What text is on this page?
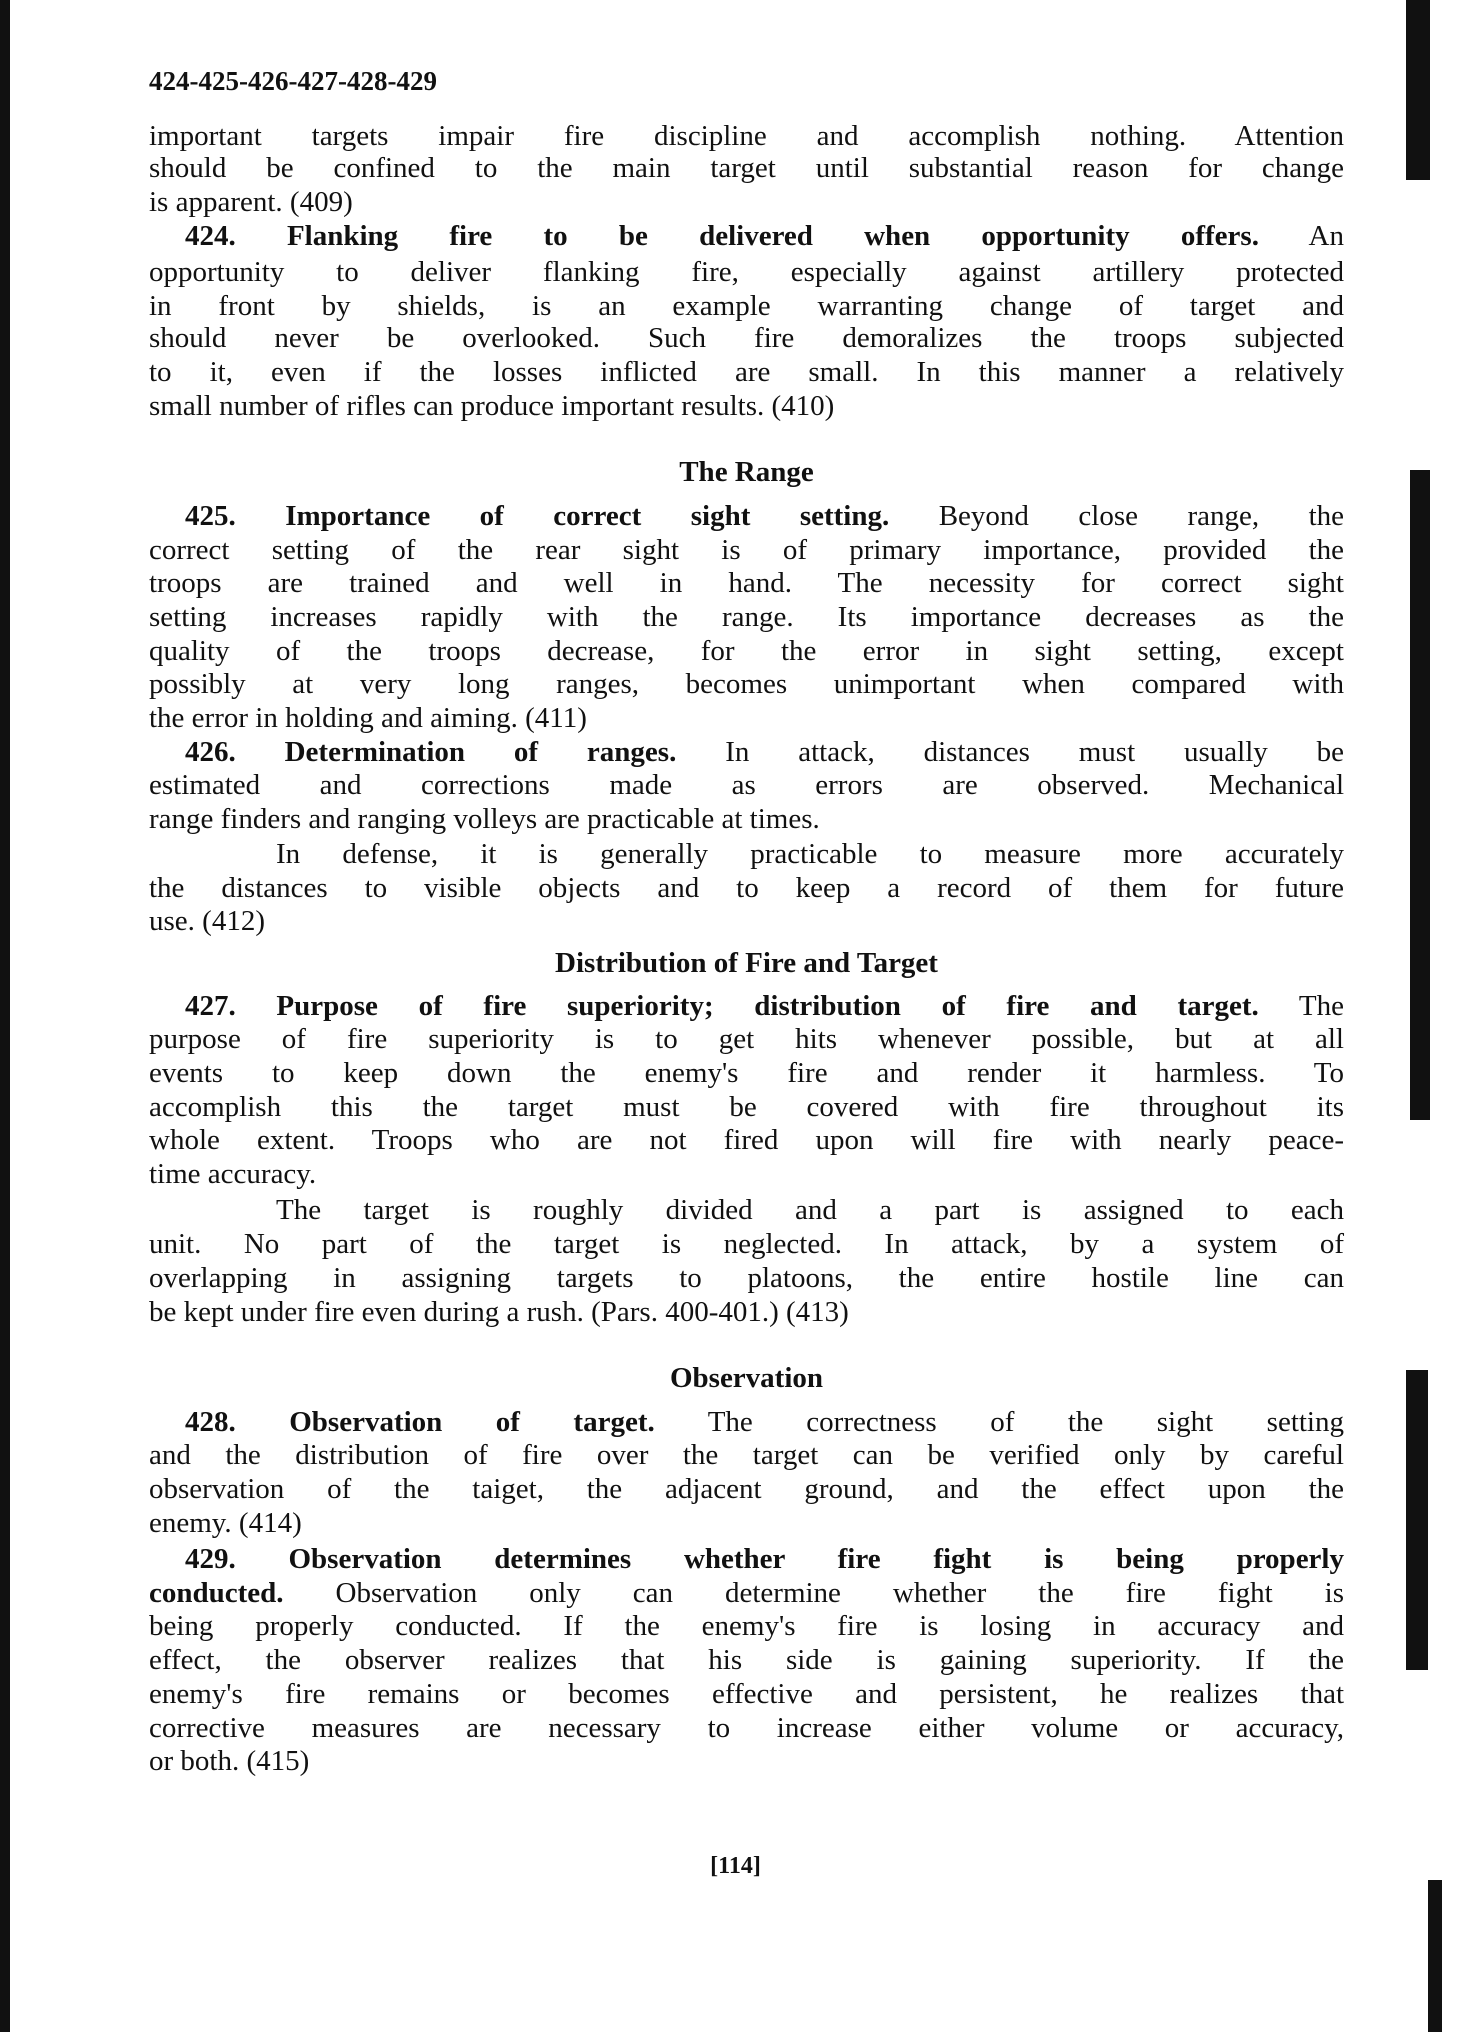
424-425-426-427-428-429
important targets impair fire discipline and accomplish nothing. Attention
should be confined to the main target until substantial reason for change
is apparent. (409)
424. Flanking fire to be delivered when opportunity offers. An
opportunity to deliver flanking fire, especially against artillery protected
in front by shields, is an example warranting change of target and
should never be overlooked. Such fire demoralizes the troops subjected
to it, even if the losses inflicted are small. In this manner a relatively
small number of rifles can produce important results. (410)
The Range
425. Importance of correct sight setting. Beyond close range, the
correct setting of the rear sight is of primary importance, provided the
troops are trained and well in hand. The necessity for correct sight
setting increases rapidly with the range. Its importance decreases as the
quality of the troops decrease, for the error in sight setting, except
possibly at very long ranges, becomes unimportant when compared with
the error in holding and aiming. (411)
426. Determination of ranges. In attack, distances must usually be
estimated and corrections made as errors are observed. Mechanical
range finders and ranging volleys are practicable at times.
In defense, it is generally practicable to measure more accurately
the distances to visible objects and to keep a record of them for future
use. (412)
Distribution of Fire and Target
427. Purpose of fire superiority; distribution of fire and target. The
purpose of fire superiority is to get hits whenever possible, but at all
events to keep down the enemy's fire and render it harmless. To
accomplish this the target must be covered with fire throughout its
whole extent. Troops who are not fired upon will fire with nearly peace-
time accuracy.
The target is roughly divided and a part is assigned to each
unit. No part of the target is neglected. In attack, by a system of
overlapping in assigning targets to platoons, the entire hostile line can
be kept under fire even during a rush. (Pars. 400-401.) (413)
Observation
428. Observation of target. The correctness of the sight setting
and the distribution of fire over the target can be verified only by careful
observation of the taiget, the adjacent ground, and the effect upon the
enemy. (414)
429. Observation determines whether fire fight is being properly
conducted. Observation only can determine whether the fire fight is
being properly conducted. If the enemy's fire is losing in accuracy and
effect, the observer realizes that his side is gaining superiority. If the
enemy's fire remains or becomes effective and persistent, he realizes that
corrective measures are necessary to increase either volume or accuracy,
or both. (415)
[114]
